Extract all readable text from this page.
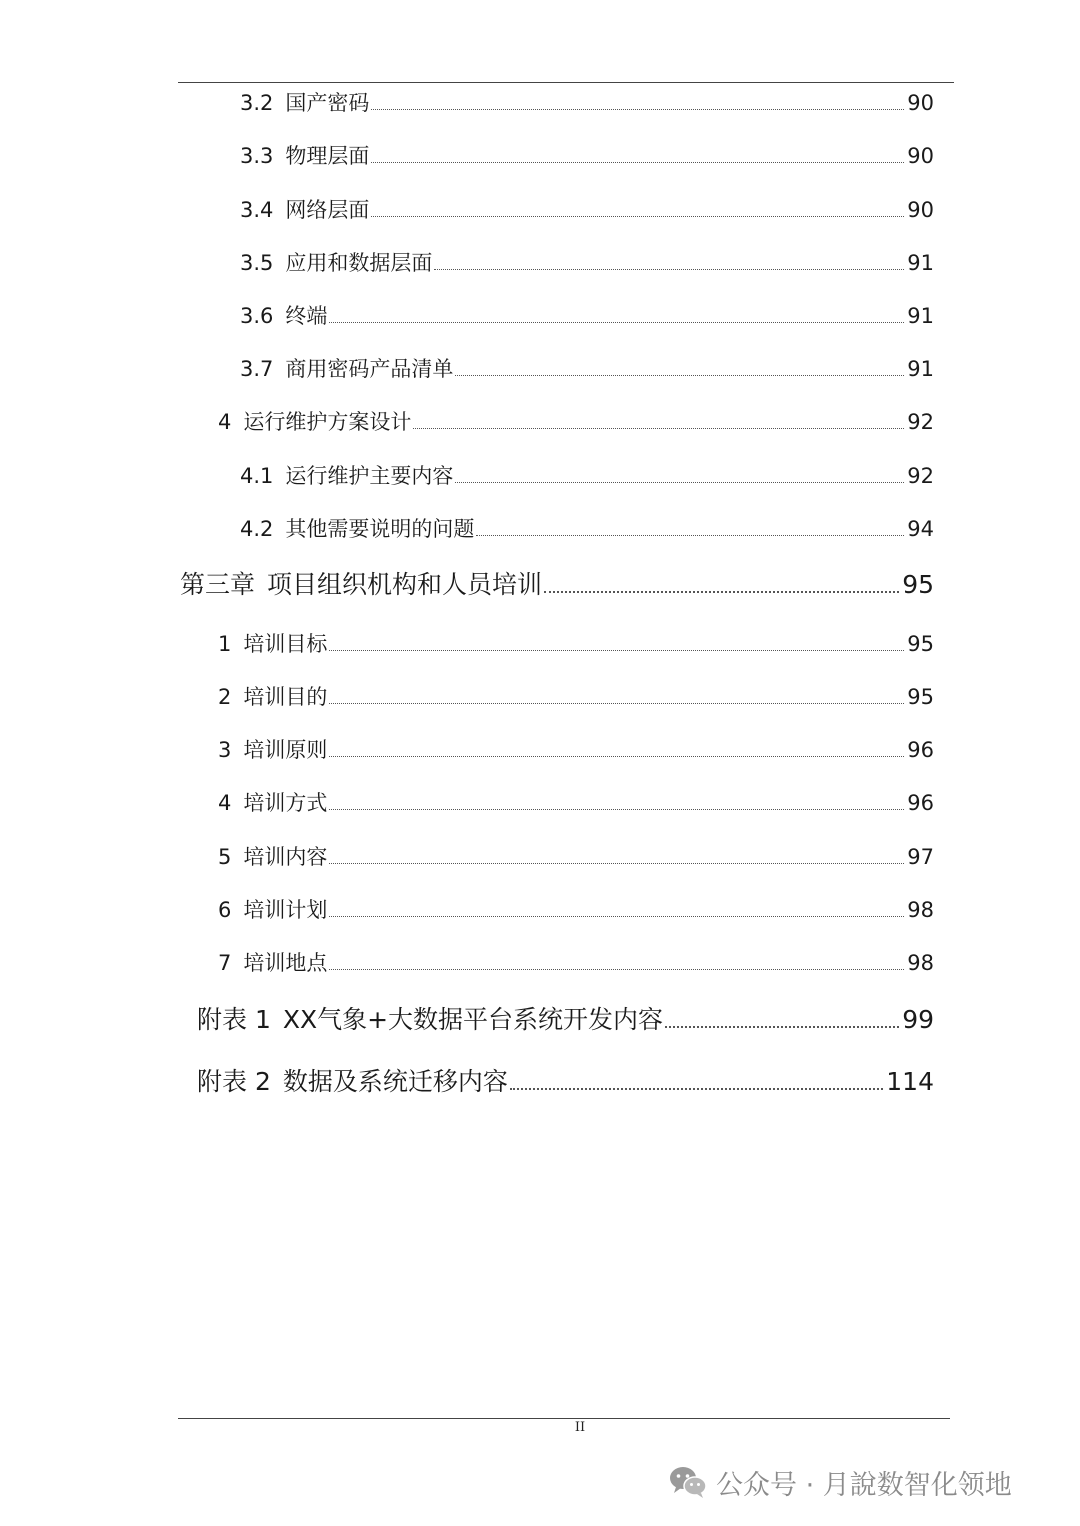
3.2 国产密码	90
3.3 物理层面	90
3.4 网络层面	90
3.5 应用和数据层面	91
3.6 终端	91
3.7 商用密码产品清单	91
4 运行维护方案设计	92
4.1 运行维护主要内容	92
4.2 其他需要说明的问题	94
第三章 项目组织机构和人员培训	95
1 培训目标	95
2 培训目的	95
3 培训原则	96
4 培训方式	96
5 培训内容	97
6 培训计划	98
7 培训地点	98
附表 1 XX气象+大数据平台系统开发内容	99
附表 2 数据及系统迁移内容	114
II
公众号 · 月說数智化领地
